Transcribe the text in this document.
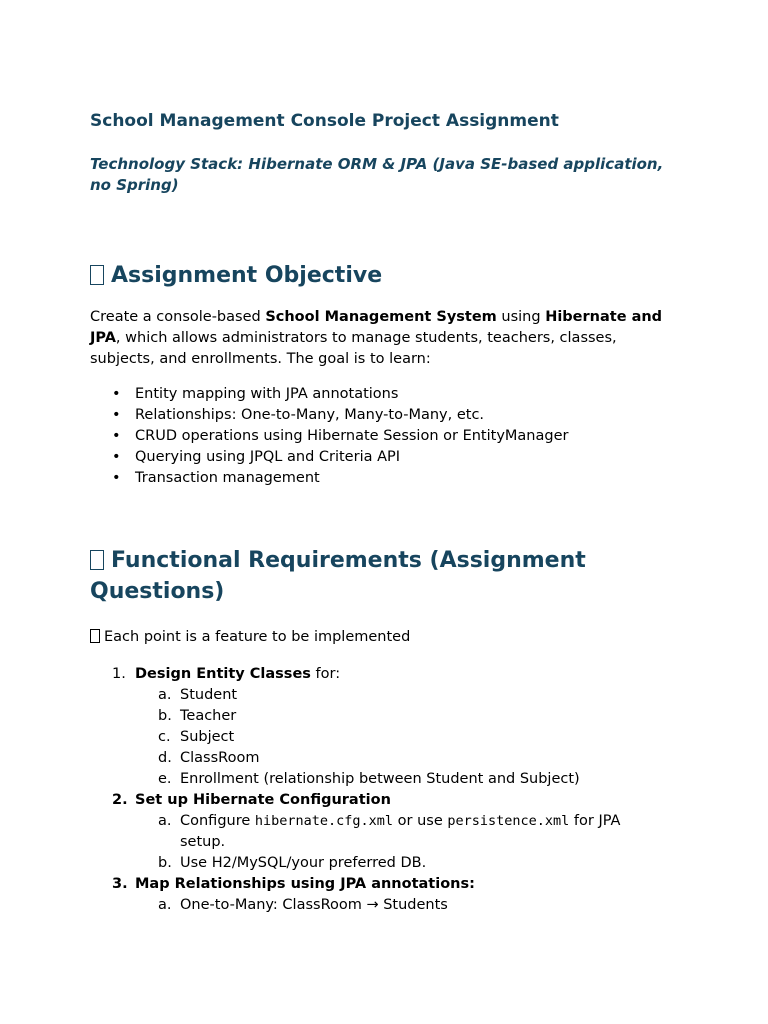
School Management Console Project Assignment

Technology Stack: Hibernate ORM & JPA (Java SE-based application, no Spring)

Assignment Objective

Create a console-based School Management System using Hibernate and JPA, which allows administrators to manage students, teachers, classes, subjects, and enrollments. The goal is to learn:

• Entity mapping with JPA annotations
• Relationships: One-to-Many, Many-to-Many, etc.
• CRUD operations using Hibernate Session or EntityManager
• Querying using JPQL and Criteria API
• Transaction management
Functional Requirements (Assignment Questions)

Each point is a feature to be implemented

1. Design Entity Classes for:
a. Student
b. Teacher
c. Subject
d. ClassRoom
e. Enrollment (relationship between Student and Subject)
2. Set up Hibernate Configuration
a. Configure hibernate.cfg.xml or use persistence.xml for JPA setup.
b. Use H2/MySQL/your preferred DB.
3. Map Relationships using JPA annotations:
a. One-to-Many: ClassRoom → Students
